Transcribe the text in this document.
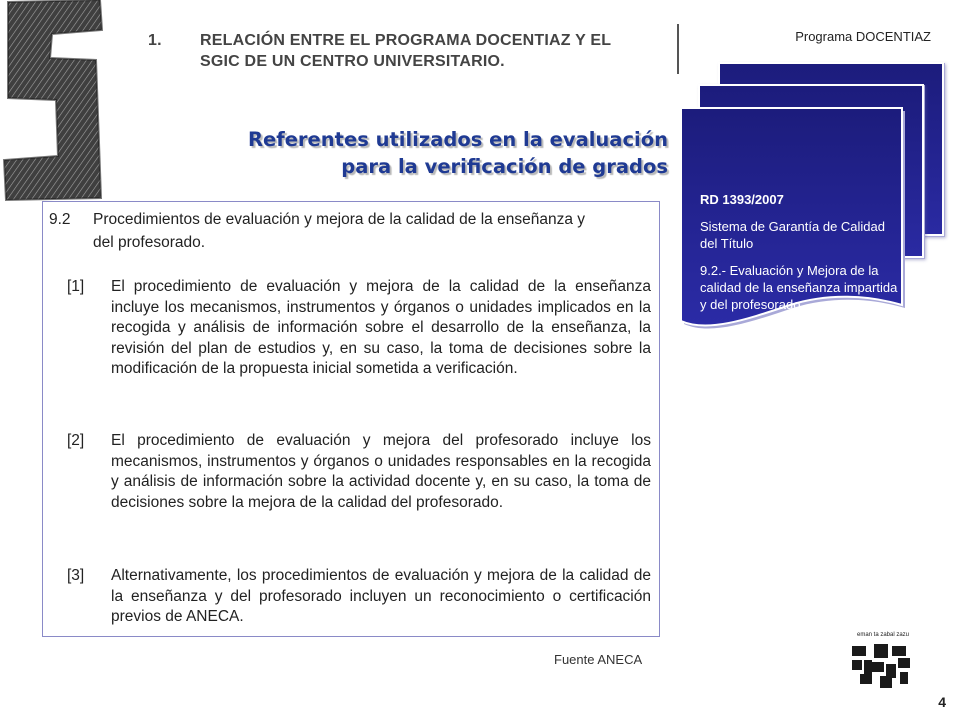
1.	RELACIÓN ENTRE EL PROGRAMA DOCENTIAZ Y EL
SGIC DE UN CENTRO UNIVERSITARIO.
Programa DOCENTIAZ
Referentes utilizados en la evaluación
para la verificación de grados
9.2 Procedimientos de evaluación y mejora de la calidad de la enseñanza y
del profesorado.
[1] El procedimiento de evaluación y mejora de la calidad de la enseñanza incluye los mecanismos, instrumentos y órganos o unidades implicados en la recogida y análisis de información sobre el desarrollo de la enseñanza, la revisión del plan de estudios y, en su caso, la toma de decisiones sobre la modificación de la propuesta inicial sometida a verificación.
[2] El procedimiento de evaluación y mejora del profesorado incluye los mecanismos, instrumentos y órganos o unidades responsables en la recogida y análisis de información sobre la actividad docente y, en su caso, la toma de decisiones sobre la mejora de la calidad del profesorado.
[3] Alternativamente, los procedimientos de evaluación y mejora de la calidad de la enseñanza y del profesorado incluyen un reconocimiento o certificación previos de ANECA.
Fuente ANECA
RD 1393/2007
Sistema de Garantía de Calidad del Título
9.2.- Evaluación y Mejora de la calidad de la enseñanza impartida y del profesorado.
eman ta zabal zazu
4
